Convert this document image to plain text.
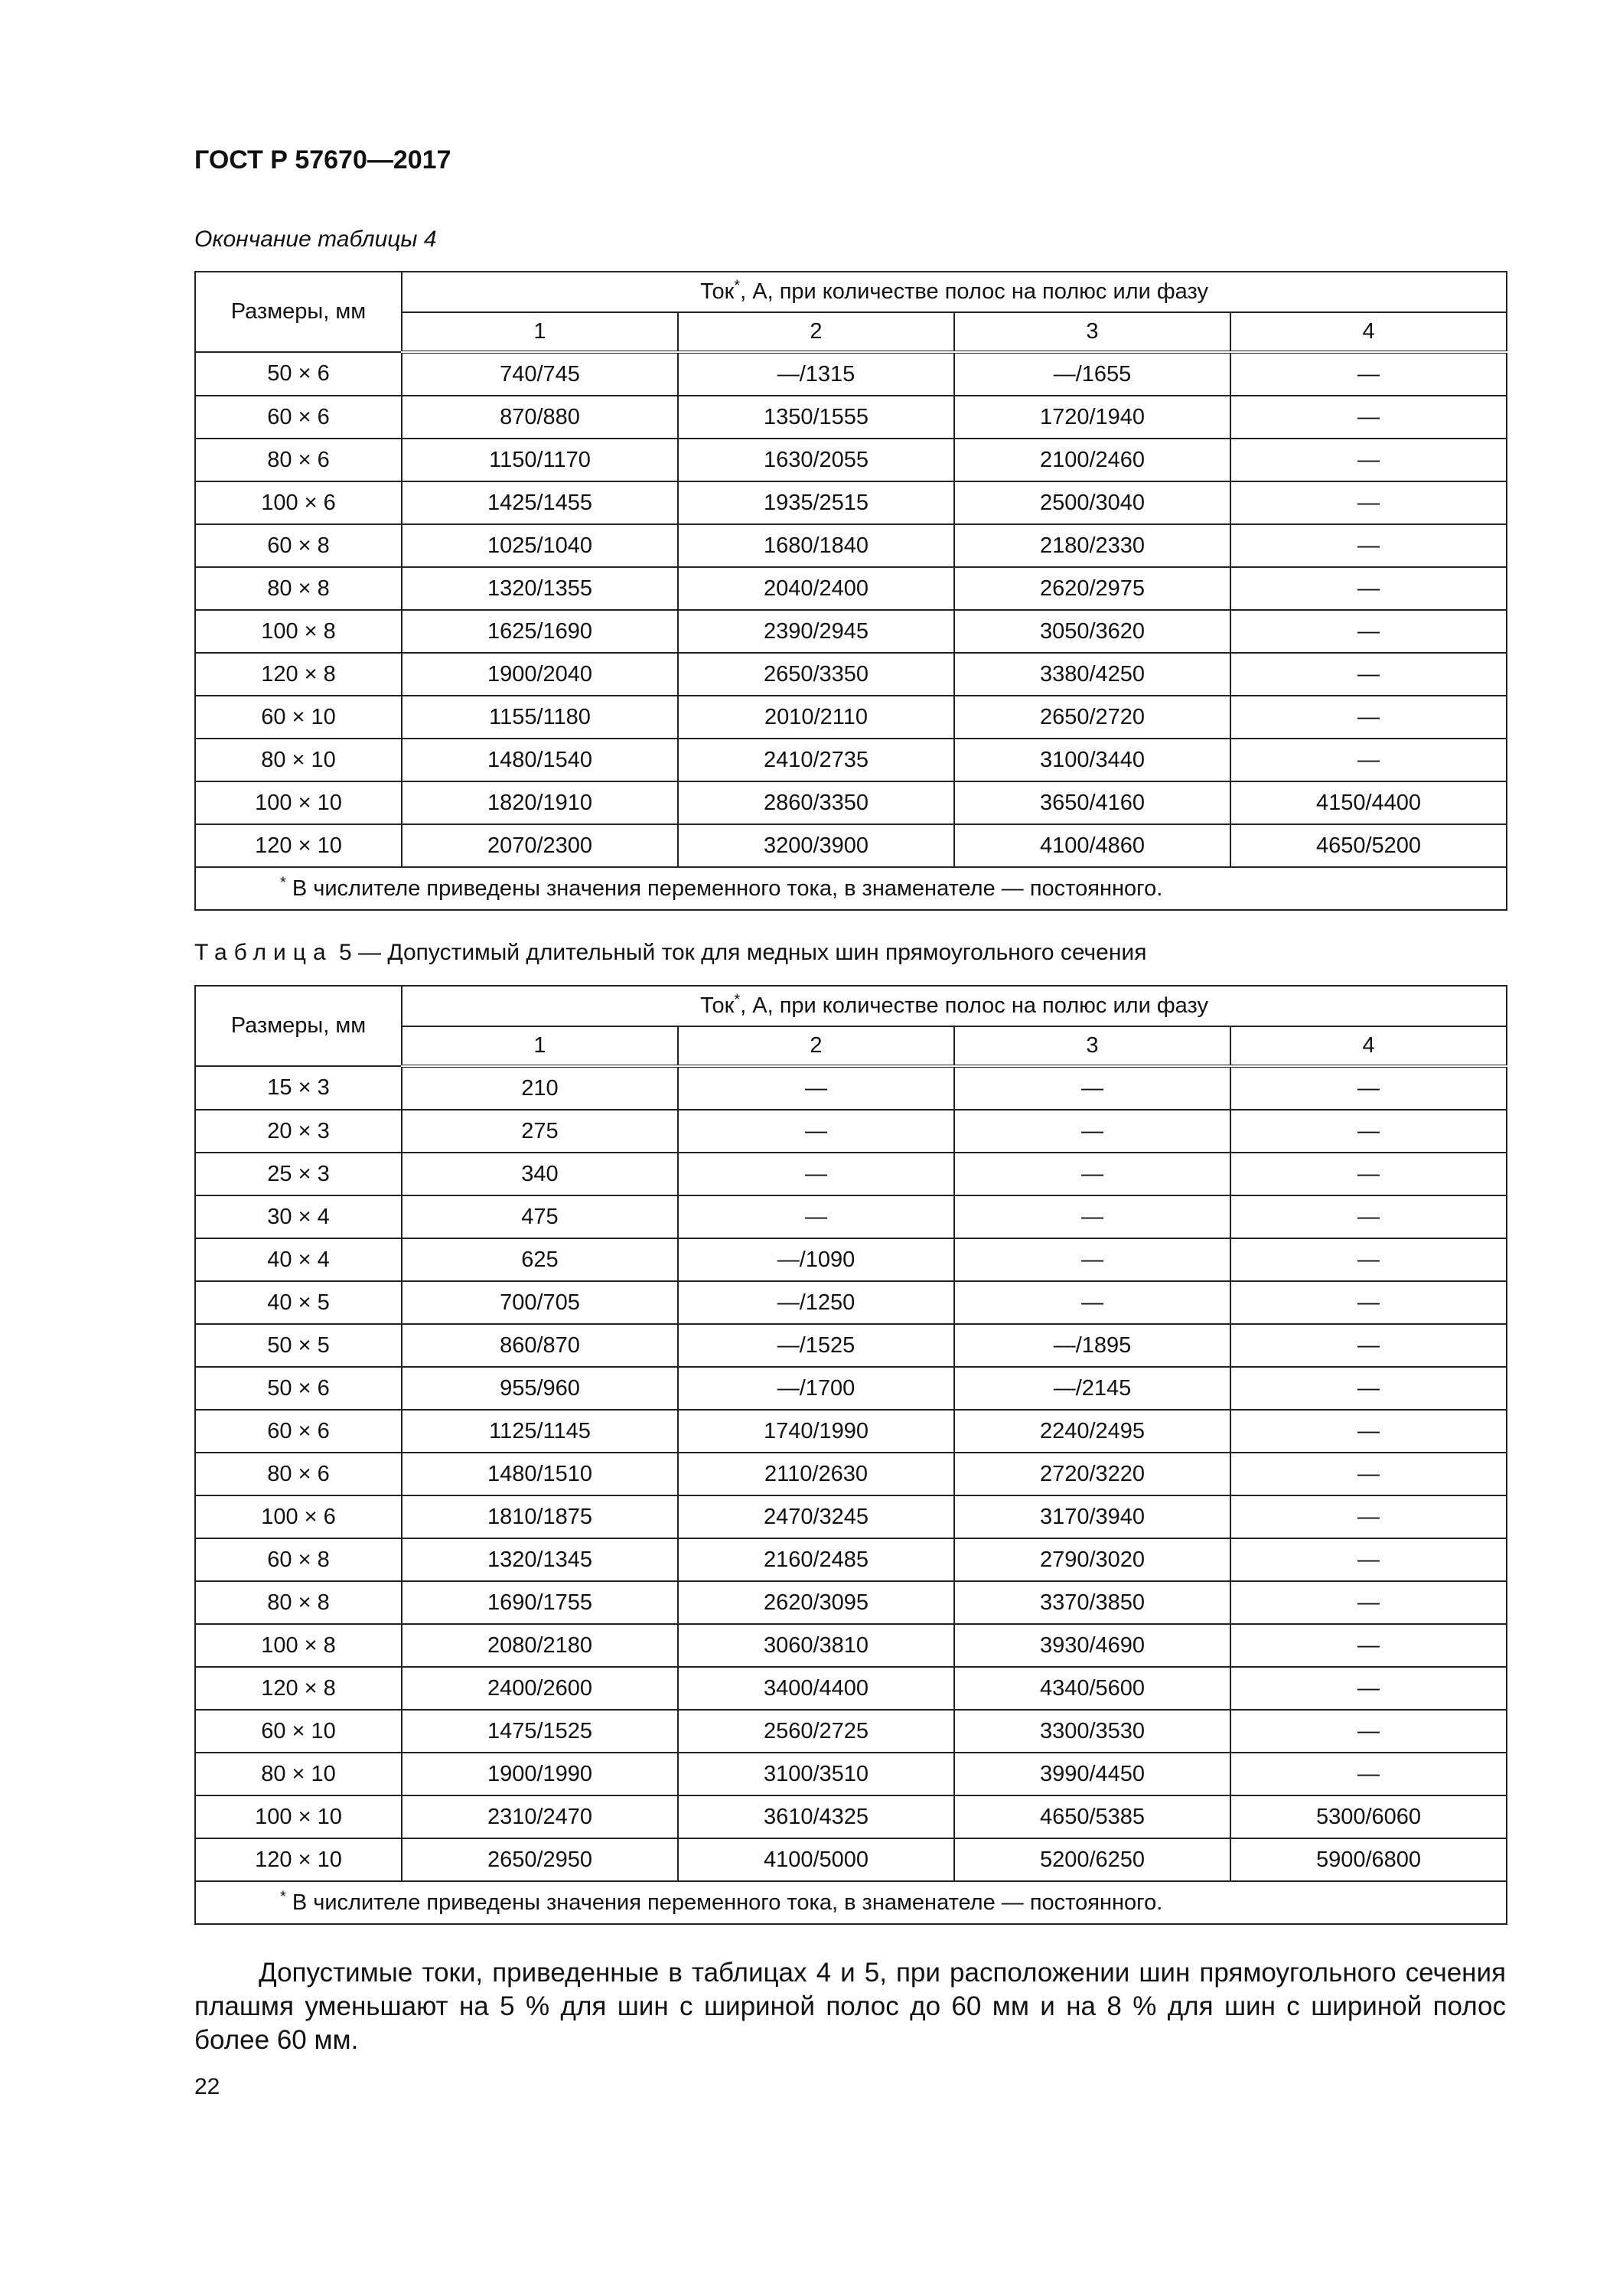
ГОСТ Р 57670—2017
Окончание таблицы 4
Размеры, мм	Ток*, А, при количестве полос на полюс или фазу			
	1	2	3	4
50 × 6	740/745	—/1315	—/1655	—
60 × 6	870/880	1350/1555	1720/1940	—
80 × 6	1150/1170	1630/2055	2100/2460	—
100 × 6	1425/1455	1935/2515	2500/3040	—
60 × 8	1025/1040	1680/1840	2180/2330	—
80 × 8	1320/1355	2040/2400	2620/2975	—
100 × 8	1625/1690	2390/2945	3050/3620	—
120 × 8	1900/2040	2650/3350	3380/4250	—
60 × 10	1155/1180	2010/2110	2650/2720	—
80 × 10	1480/1540	2410/2735	3100/3440	—
100 × 10	1820/1910	2860/3350	3650/4160	4150/4400
120 × 10	2070/2300	3200/3900	4100/4860	4650/5200
* В числителе приведены значения переменного тока, в знаменателе — постоянного.				
Таблица 5 — Допустимый длительный ток для медных шин прямоугольного сечения
Размеры, мм	Ток*, А, при количестве полос на полюс или фазу			
	1	2	3	4
15 × 3	210	—	—	—
20 × 3	275	—	—	—
25 × 3	340	—	—	—
30 × 4	475	—	—	—
40 × 4	625	—/1090	—	—
40 × 5	700/705	—/1250	—	—
50 × 5	860/870	—/1525	—/1895	—
50 × 6	955/960	—/1700	—/2145	—
60 × 6	1125/1145	1740/1990	2240/2495	—
80 × 6	1480/1510	2110/2630	2720/3220	—
100 × 6	1810/1875	2470/3245	3170/3940	—
60 × 8	1320/1345	2160/2485	2790/3020	—
80 × 8	1690/1755	2620/3095	3370/3850	—
100 × 8	2080/2180	3060/3810	3930/4690	—
120 × 8	2400/2600	3400/4400	4340/5600	—
60 × 10	1475/1525	2560/2725	3300/3530	—
80 × 10	1900/1990	3100/3510	3990/4450	—
100 × 10	2310/2470	3610/4325	4650/5385	5300/6060
120 × 10	2650/2950	4100/5000	5200/6250	5900/6800
* В числителе приведены значения переменного тока, в знаменателе — постоянного.				
Допустимые токи, приведенные в таблицах 4 и 5, при расположении шин прямоугольного сечения плашмя уменьшают на 5 % для шин с шириной полос до 60 мм и на 8 % для шин с шириной полос более 60 мм.
22
